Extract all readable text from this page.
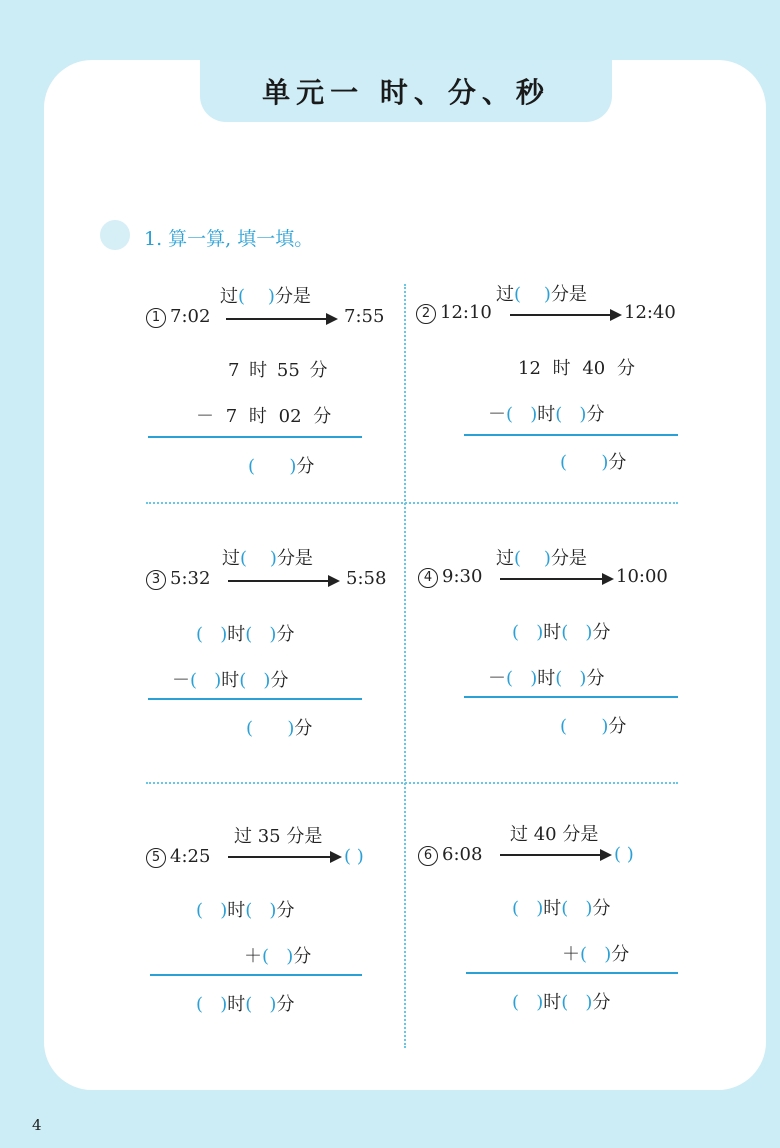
单元一 时、分、秒
1. 算一算, 填一填。
过(    )分是
1 7:02	7:55
7 时 55 分
－ 7 时 02 分
(      )分
过(    )分是
2 12:10	12:40
12 时 40 分
－(   )时(   )分
(      )分
过(    )分是
3 5:32	5:58
(   )时(   )分
－(   )时(   )分
(      )分
过(    )分是
4 9:30	10:00
(   )时(   )分
－(   )时(   )分
(      )分
过 35 分是
5 4:25	( )
(   )时(   )分
＋(   )分
(   )时(   )分
过 40 分是
6 6:08	( )
(   )时(   )分
＋(   )分
(   )时(   )分
4
